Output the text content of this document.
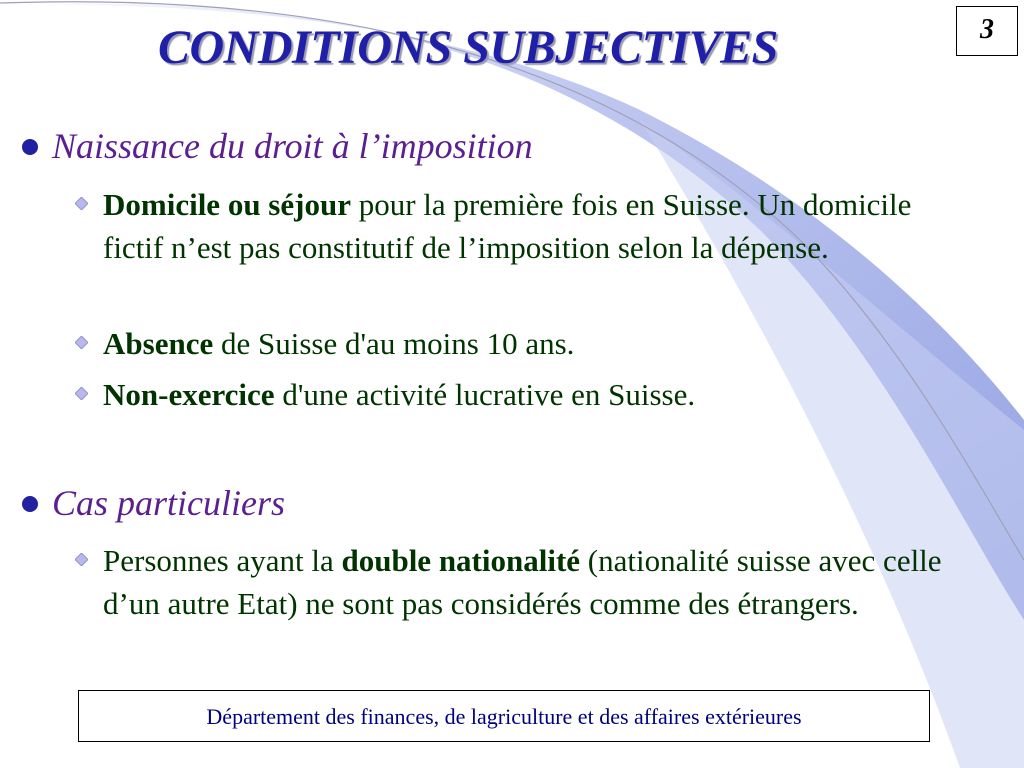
CONDITIONS SUBJECTIVES	3
Naissance du droit à l’imposition
Domicile ou séjour pour la première fois en Suisse. Un domicile fictif n’est pas constitutif de l’imposition selon la dépense.
Absence de Suisse d'au moins 10 ans.
Non-exercice d'une activité lucrative en Suisse.
Cas particuliers
Personnes ayant la double nationalité (nationalité suisse avec celle d’un autre Etat) ne sont pas considérés comme des étrangers.
Département des finances, de lagriculture et des affaires extérieures
